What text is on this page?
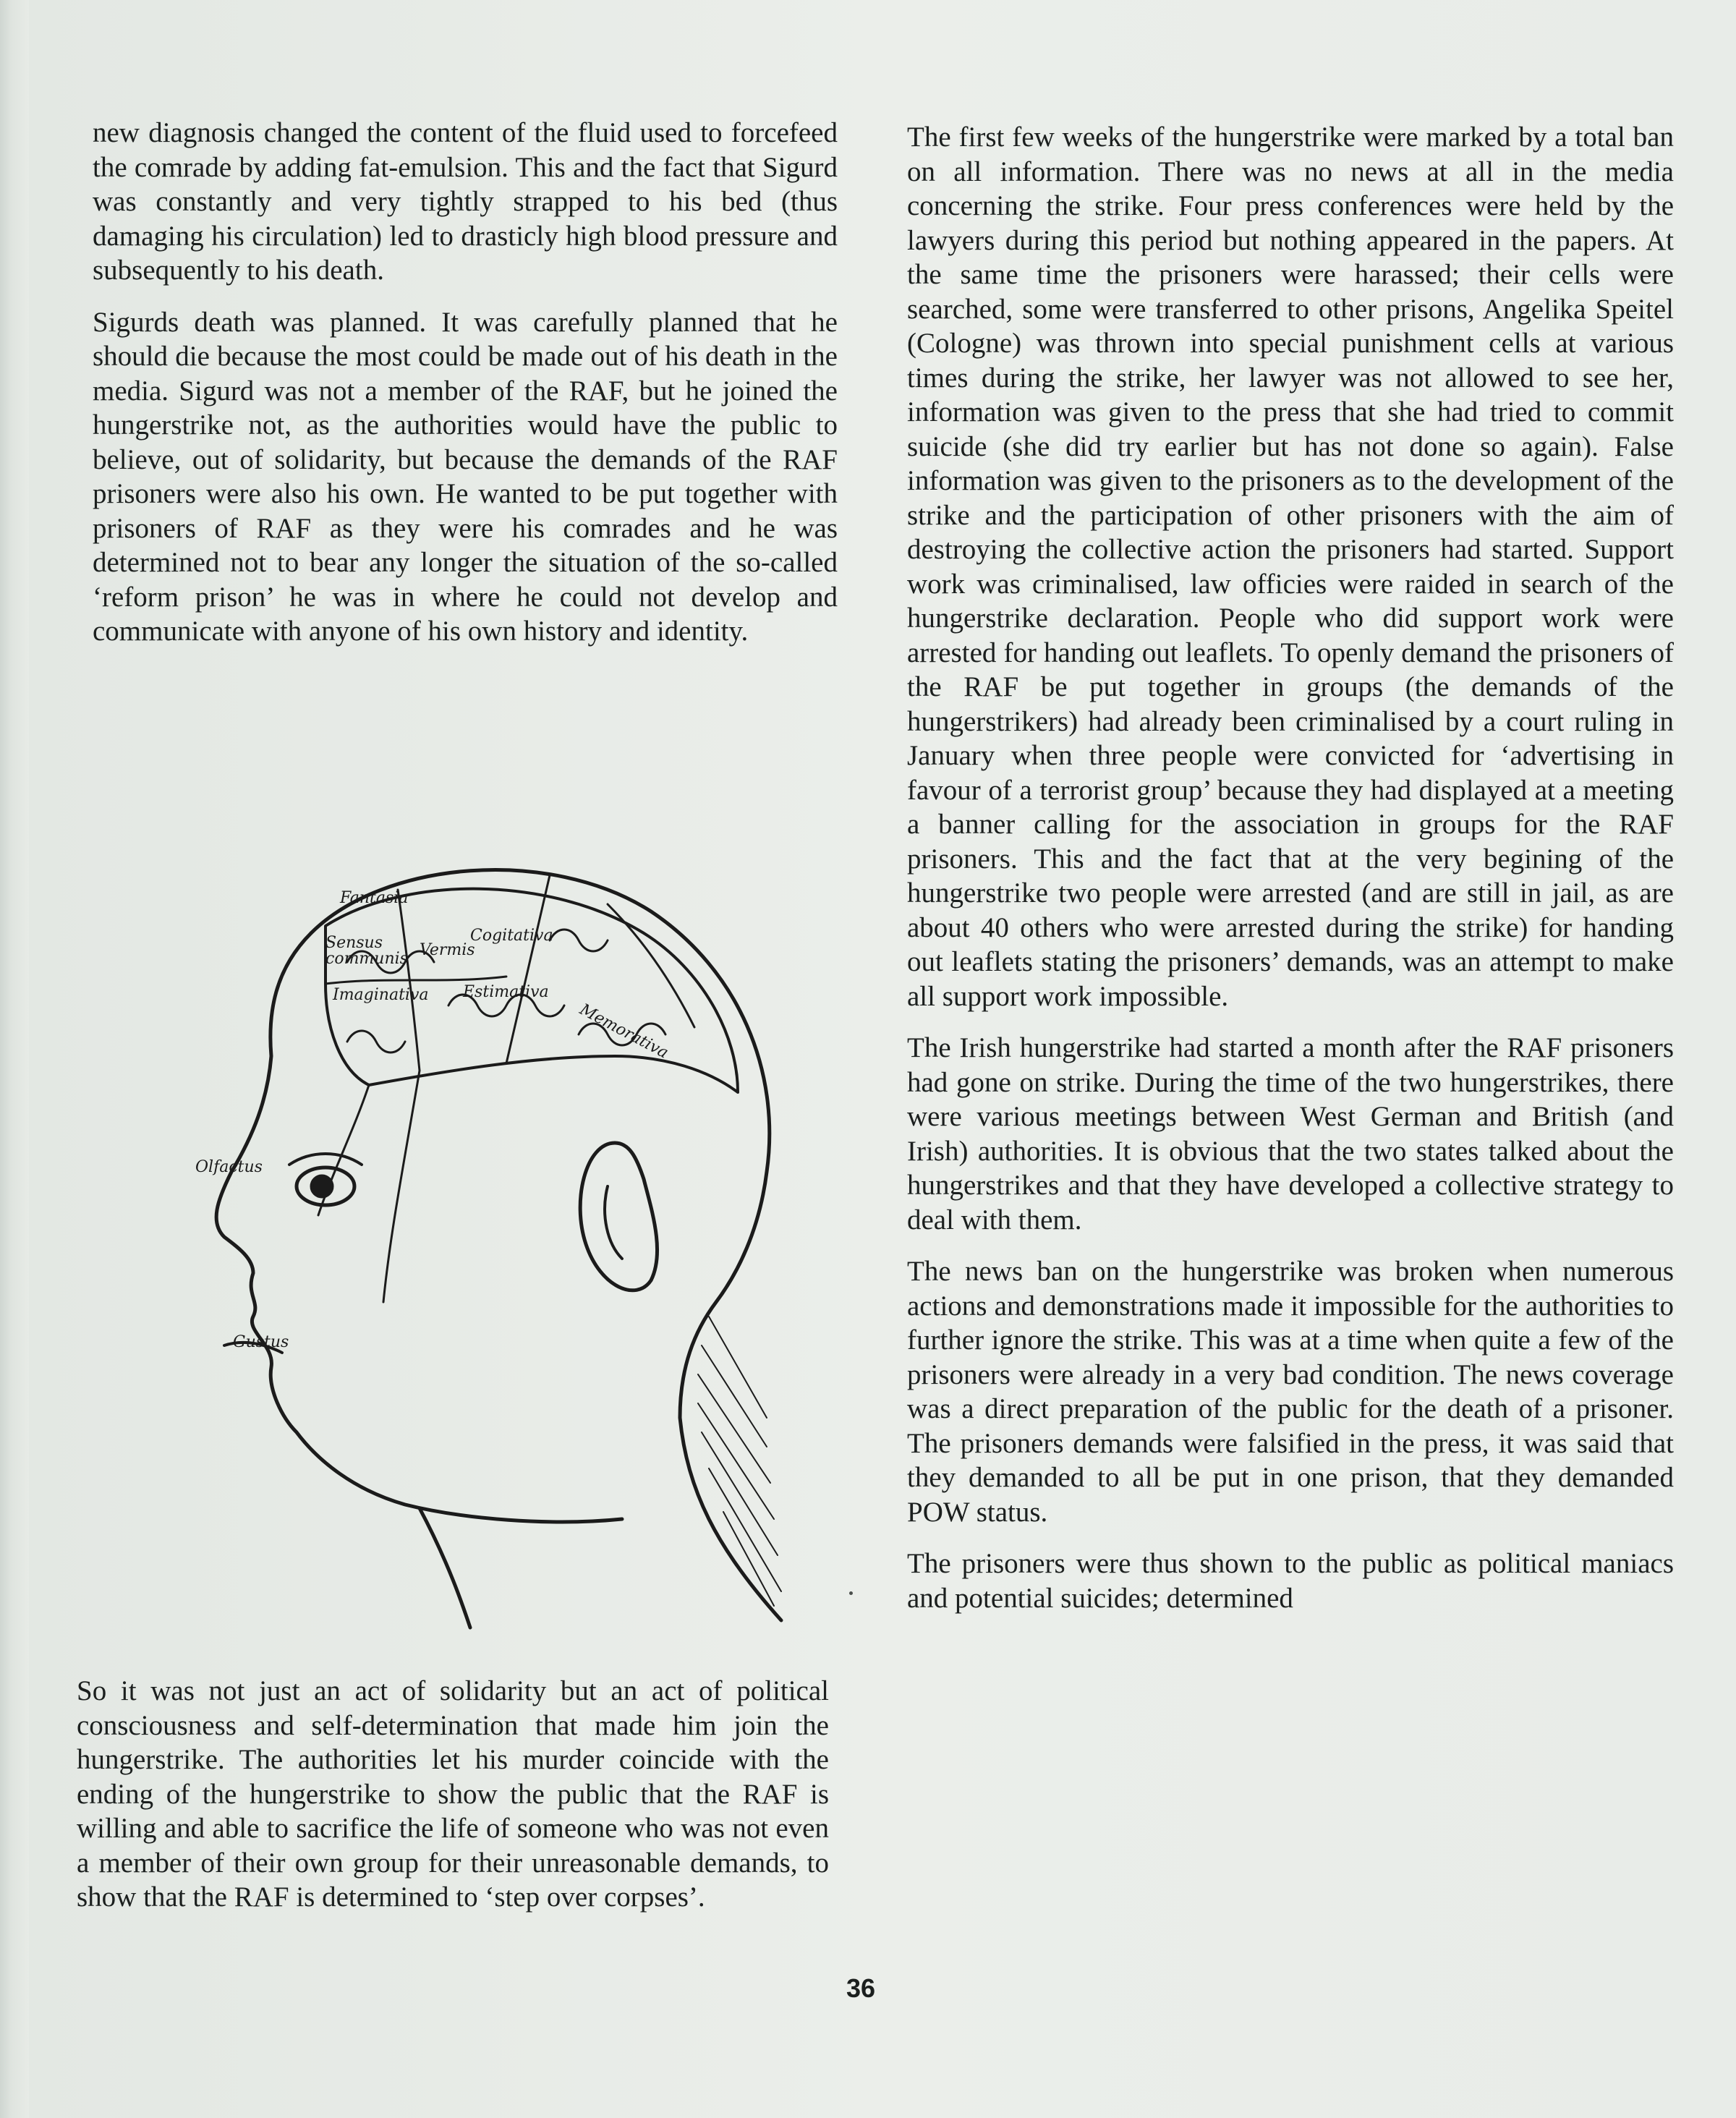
new diagnosis changed the content of the fluid used to forcefeed the comrade by adding fat-emulsion. This and the fact that Sigurd was constantly and very tightly strapped to his bed (thus damaging his circulation) led to drasticly high blood pressure and subsequently to his death.

Sigurds death was planned. It was carefully planned that he should die because the most could be made out of his death in the media. Sigurd was not a member of the RAF, but he joined the hungerstrike not, as the authorities would have the public to believe, out of solidarity, but because the demands of the RAF prisoners were also his own. He wanted to be put together with prisoners of RAF as they were his comrades and he was determined not to bear any longer the situation of the so-called ‘reform prison’ he was in where he could not develop and communicate with anyone of his own history and identity.

Fantasia
Cogitativa
Sensus
communis Vermis
Imaginativa Estimativa
Memorativa
Olfactus
Gustus

So it was not just an act of solidarity but an act of political consciousness and self-determination that made him join the hungerstrike. The authorities let his murder coincide with the ending of the hungerstrike to show the public that the RAF is willing and able to sacrifice the life of someone who was not even a member of their own group for their unreasonable demands, to show that the RAF is determined to ‘step over corpses’.

The first few weeks of the hungerstrike were marked by a total ban on all information. There was no news at all in the media concerning the strike. Four press conferences were held by the lawyers during this period but nothing appeared in the papers. At the same time the prisoners were harassed; their cells were searched, some were transferred to other prisons, Angelika Speitel (Cologne) was thrown into special punishment cells at various times during the strike, her lawyer was not allowed to see her, information was given to the press that she had tried to commit suicide (she did try earlier but has not done so again). False information was given to the prisoners as to the development of the strike and the participation of other prisoners with the aim of destroying the collective action the prisoners had started. Support work was criminalised, law officies were raided in search of the hungerstrike declaration. People who did support work were arrested for handing out leaflets. To openly demand the prisoners of the RAF be put together in groups (the demands of the hungerstrikers) had already been criminalised by a court ruling in January when three people were convicted for ‘advertising in favour of a terrorist group’ because they had displayed at a meeting a banner calling for the association in groups for the RAF prisoners. This and the fact that at the very begining of the hungerstrike two people were arrested (and are still in jail, as are about 40 others who were arrested during the strike) for handing out leaflets stating the prisoners’ demands, was an attempt to make all support work impossible.

The Irish hungerstrike had started a month after the RAF prisoners had gone on strike. During the time of the two hungerstrikes, there were various meetings between West German and British (and Irish) authorities. It is obvious that the two states talked about the hungerstrikes and that they have developed a collective strategy to deal with them.

The news ban on the hungerstrike was broken when numerous actions and demonstrations made it impossible for the authorities to further ignore the strike. This was at a time when quite a few of the prisoners were already in a very bad condition. The news coverage was a direct preparation of the public for the death of a prisoner. The prisoners demands were falsified in the press, it was said that they demanded to all be put in one prison, that they demanded POW status.

The prisoners were thus shown to the public as political maniacs and potential suicides; determined

36
